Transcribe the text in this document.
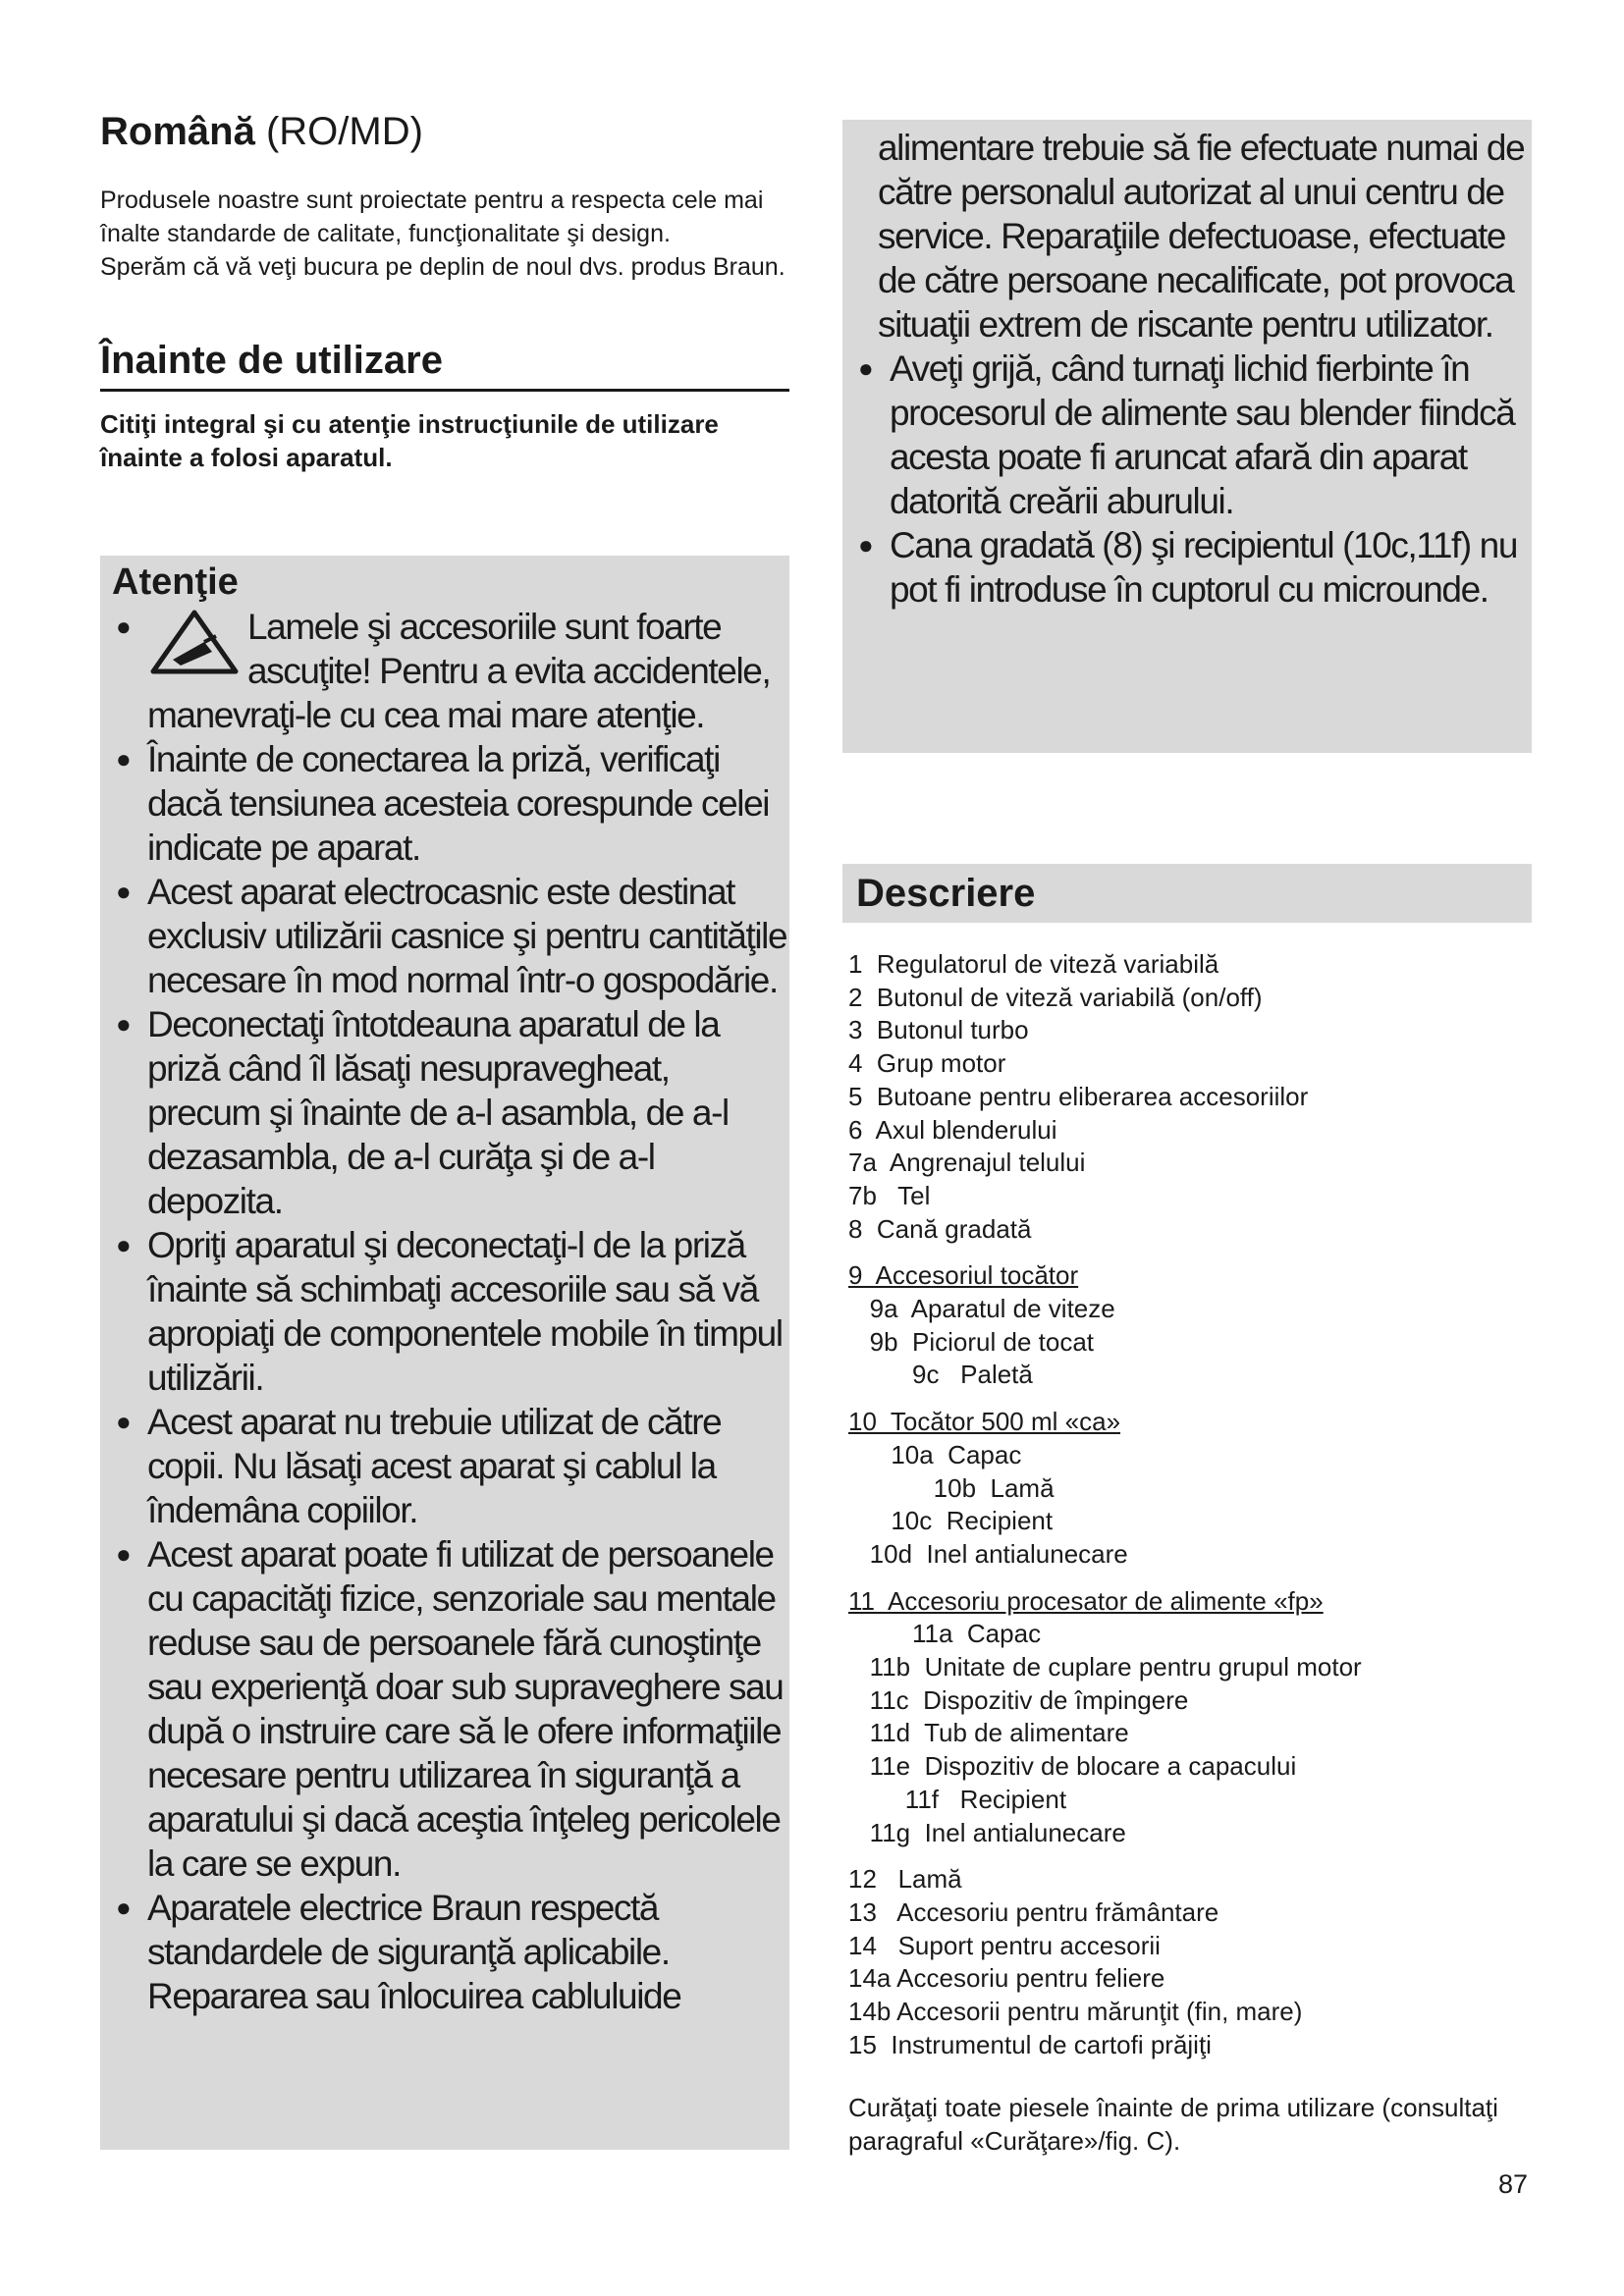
Română (RO/MD)

Produsele noastre sunt proiectate pentru a respecta cele mai înalte standarde de calitate, funcţionalitate şi design.

Sperăm că vă veţi bucura pe deplin de noul dvs. produs Braun.

Înainte de utilizare

Citiţi integral şi cu atenţie instrucţiunile de utilizare înainte a folosi aparatul.

Atenţie
●
Lamele şi accesoriile sunt foarte ascuţite! Pentru a evita accidentele, manevraţi-le cu cea mai mare atenţie.
● Înainte de conectarea la priză, verificaţi dacă tensiunea acesteia corespunde celei indicate pe aparat.
● Acest aparat electrocasnic este destinat exclusiv utilizării casnice şi pentru cantităţile necesare în mod normal într-o gospodărie.
● Deconectaţi întotdeauna aparatul de la priză când îl lăsaţi nesupravegheat, precum şi înainte de a-l asambla, de a-l dezasambla, de a-l curăţa şi de a-l depozita.
● Opriţi aparatul şi deconectaţi-l de la priză înainte să schimbaţi accesoriile sau să vă apropiaţi de componentele mobile în timpul utilizării.
● Acest aparat nu trebuie utilizat de către copii. Nu lăsaţi acest aparat şi cablul la îndemâna copiilor.
● Acest aparat poate fi utilizat de persoanele cu capacităţi fizice, senzoriale sau mentale reduse sau de persoanele fără cunoştinţe sau experienţă doar sub supraveghere sau după o instruire care să le ofere informaţiile necesare pentru utilizarea în siguranţă a aparatului şi dacă aceştia înţeleg pericolele la care se expun.
● Aparatele electrice Braun respectă standardele de siguranţă aplicabile. Repararea sau înlocuirea cabluluide
alimentare trebuie să fie efectuate numai de către personalul autorizat al unui centru de service. Reparaţiile defectuoase, efectuate de către persoane necalificate, pot provoca situaţii extrem de riscante pentru utilizator.
● Aveţi grijă, când turnaţi lichid fierbinte în procesorul de alimente sau blender fiindcă acesta poate fi aruncat afară din aparat datorită creării aburului.
● Cana gradată (8) şi recipientul (10c,11f) nu pot fi introduse în cuptorul cu microunde.
Descriere
1  Regulatorul de viteză variabilă
2  Butonul de viteză variabilă (on/off)
3  Butonul turbo
4  Grup motor
5  Butoane pentru eliberarea accesoriilor
6  Axul blenderului
7a  Angrenajul telului
7b   Tel
8  Cană gradată
9  Accesoriul tocător
9a  Aparatul de viteze
9b  Piciorul de tocat
9c   Paletă
10  Tocător 500 ml «ca»
10a  Capac
10b  Lamă
10c  Recipient
10d  Inel antialunecare
11  Accesoriu procesator de alimente «fp»
11a  Capac
11b  Unitate de cuplare pentru grupul motor
11c  Dispozitiv de împingere
11d  Tub de alimentare
11e  Dispozitiv de blocare a capacului
11f   Recipient
11g  Inel antialunecare
12   Lamă
13   Accesoriu pentru frământare
14   Suport pentru accesorii
14a Accesoriu pentru feliere
14b Accesorii pentru mărunţit (fin, mare)
15  Instrumentul de cartofi prăjiţi

Curăţaţi toate piesele înainte de prima utilizare (consultaţi paragraful «Curăţare»/fig. C).

87
